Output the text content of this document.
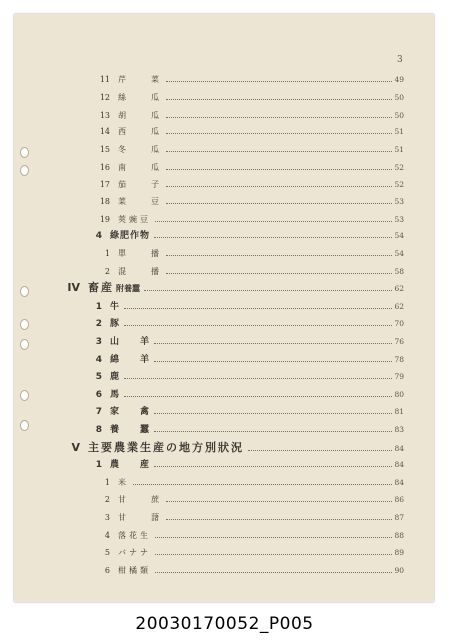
3
11 芹　　菜	49
12 絲　　瓜	50
13 胡　　瓜	50
14 西　　瓜	51
15 冬　　瓜	51
16 南　　瓜	52
17 茄　　子	52
18 菜　　豆	53
19 莢豌豆	53
4 綠肥作物	54
1 單　　播	54
2 混　　播	58
IV 畜産 附養蠶	62
1 牛	62
2 豚	70
3 山　　羊	76
4 綿　　羊	78
5 鹿	79
6 馬	80
7 家　　禽	81
8 養　　蠶	83
V 主要農業生産の地方別狀況	84
1 農　　産	84
1 米	84
2 甘　　蔗	86
3 甘　　藷	87
4 落花生	88
5 バナナ	89
6 柑橘類	90
20030170052_P005
